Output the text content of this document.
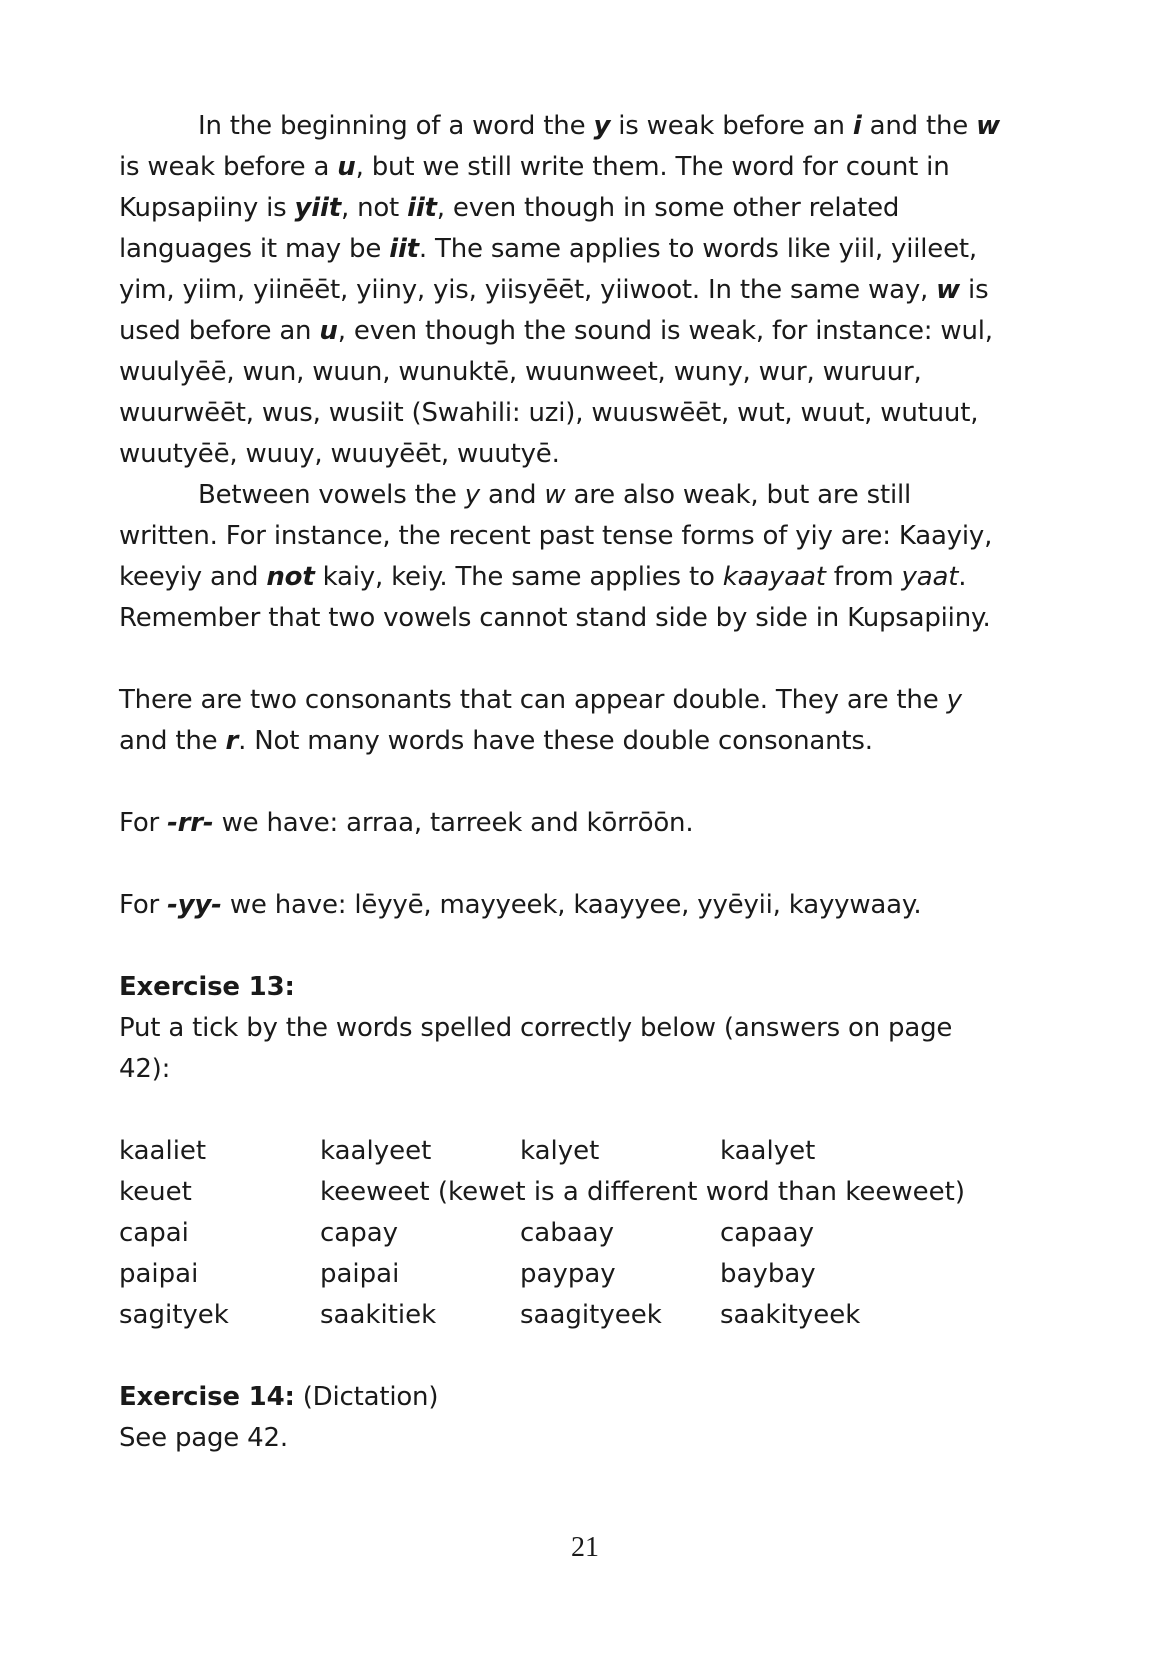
In the beginning of a word the y is weak before an i and the w
is weak before a u, but we still write them. The word for count in
Kupsapiiny is yiit, not iit, even though in some other related
languages it may be iit. The same applies to words like yiil, yiileet,
yim, yiim, yiinēēt, yiiny, yis, yiisyēēt, yiiwoot. In the same way, w is
used before an u, even though the sound is weak, for instance: wul,
wuulyēē, wun, wuun, wunuktē, wuunweet, wuny, wur, wuruur,
wuurwēēt, wus, wusiit (Swahili: uzi), wuuswēēt, wut, wuut, wutuut,
wuutyēē, wuuy, wuuyēēt, wuutyē.
Between vowels the y and w are also weak, but are still
written. For instance, the recent past tense forms of yiy are: Kaayiy,
keeyiy and not kaiy, keiy. The same applies to kaayaat from yaat.
Remember that two vowels cannot stand side by side in Kupsapiiny.
There are two consonants that can appear double. They are the y
and the r. Not many words have these double consonants.
For -rr- we have: arraa, tarreek and kōrrōōn.
For -yy- we have: lēyyē, mayyeek, kaayyee, yyēyii, kayywaay.
Exercise 13:
Put a tick by the words spelled correctly below (answers on page
42):
kaaliet	kaalyeet	kalyet	kaalyet
keuet	keeweet (kewet is a different word than keeweet)		
capai	capay	cabaay	capaay
paipai	paipai	paypay	baybay
sagityek	saakitiek	saagityeek	saakityeek
Exercise 14: (Dictation)
See page 42.
21
